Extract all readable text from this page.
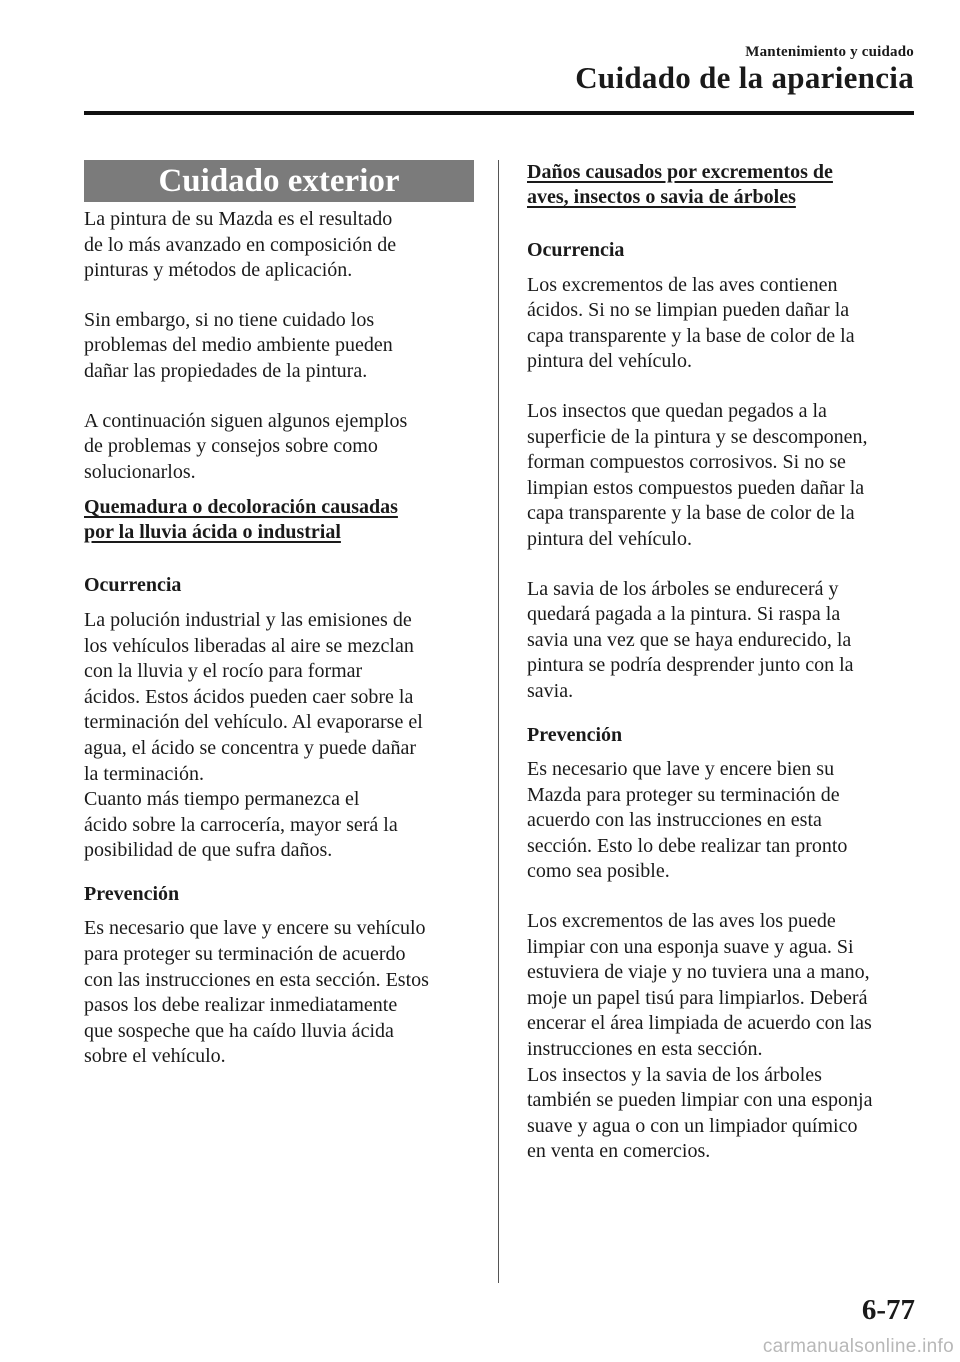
Mantenimiento y cuidado
Cuidado de la apariencia
Cuidado exterior

La pintura de su Mazda es el resultado
de lo más avanzado en composición de
pinturas y métodos de aplicación.

Sin embargo, si no tiene cuidado los
problemas del medio ambiente pueden
dañar las propiedades de la pintura.

A continuación siguen algunos ejemplos
de problemas y consejos sobre como
solucionarlos.

Quemadura o decoloración causadas
por la lluvia ácida o industrial

Ocurrencia

La polución industrial y las emisiones de
los vehículos liberadas al aire se mezclan
con la lluvia y el rocío para formar
ácidos. Estos ácidos pueden caer sobre la
terminación del vehículo. Al evaporarse el
agua, el ácido se concentra y puede dañar
la terminación.
Cuanto más tiempo permanezca el
ácido sobre la carrocería, mayor será la
posibilidad de que sufra daños.

Prevención

Es necesario que lave y encere su vehículo
para proteger su terminación de acuerdo
con las instrucciones en esta sección. Estos
pasos los debe realizar inmediatamente
que sospeche que ha caído lluvia ácida
sobre el vehículo.

Daños causados por excrementos de
aves, insectos o savia de árboles

Ocurrencia

Los excrementos de las aves contienen
ácidos. Si no se limpian pueden dañar la
capa transparente y la base de color de la
pintura del vehículo.

Los insectos que quedan pegados a la
superficie de la pintura y se descomponen,
forman compuestos corrosivos. Si no se
limpian estos compuestos pueden dañar la
capa transparente y la base de color de la
pintura del vehículo.

La savia de los árboles se endurecerá y
quedará pagada a la pintura. Si raspa la
savia una vez que se haya endurecido, la
pintura se podría desprender junto con la
savia.

Prevención

Es necesario que lave y encere bien su
Mazda para proteger su terminación de
acuerdo con las instrucciones en esta
sección. Esto lo debe realizar tan pronto
como sea posible.

Los excrementos de las aves los puede
limpiar con una esponja suave y agua. Si
estuviera de viaje y no tuviera una a mano,
moje un papel tisú para limpiarlos. Deberá
encerar el área limpiada de acuerdo con las
instrucciones en esta sección.
Los insectos y la savia de los árboles
también se pueden limpiar con una esponja
suave y agua o con un limpiador químico
en venta en comercios.

6-77
carmanualsonline.info
